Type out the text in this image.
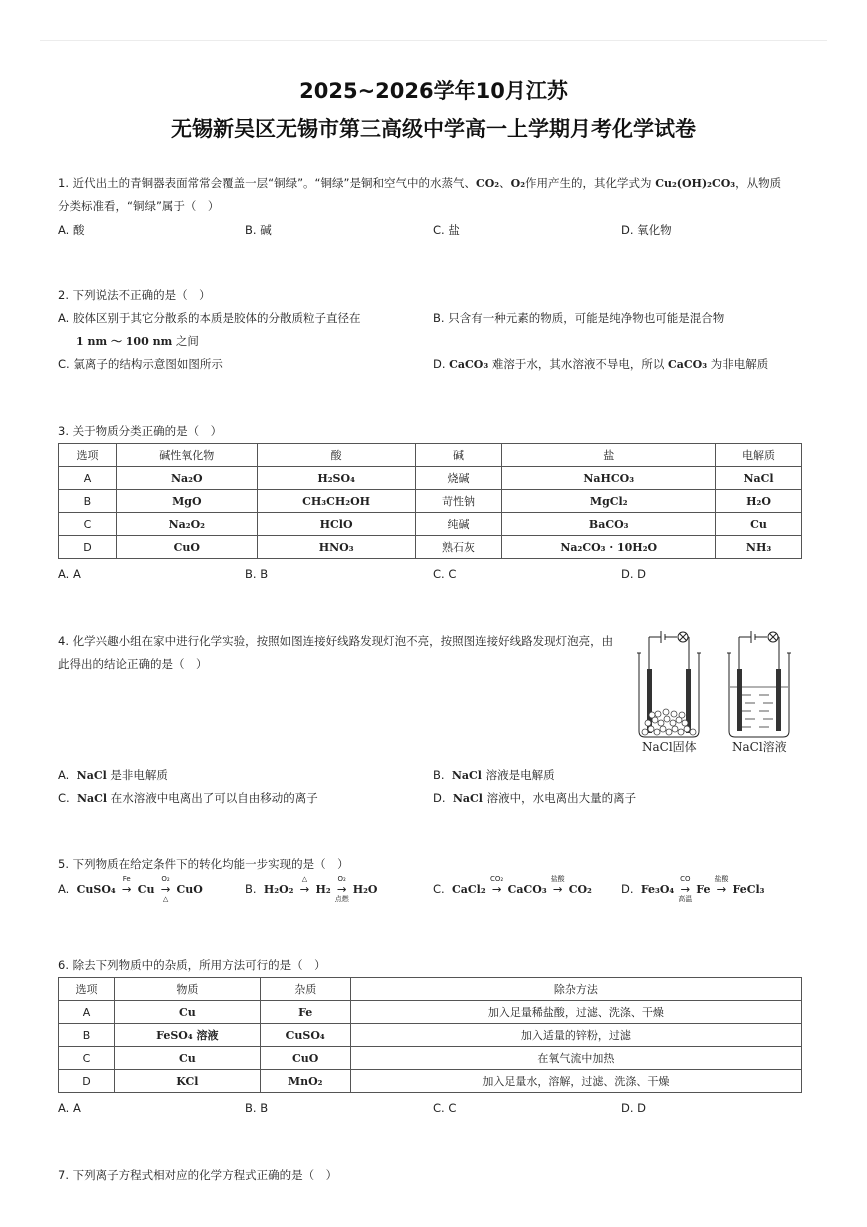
2025~2026学年10月江苏
无锡新吴区无锡市第三高级中学高一上学期月考化学试卷
1. 近代出土的青铜器表面常常会覆盖一层“铜绿”。“铜绿”是铜和空气中的水蒸气、CO₂、O₂作用产生的，其化学式为 Cu₂(OH)₂CO₃，从物质
分类标准看，“铜绿”属于（　）
A. 酸	B. 碱	C. 盐	D. 氧化物
2. 下列说法不正确的是（　）
A. 胶体区别于其它分散系的本质是胶体的分散质粒子直径在
1 nm ～ 100 nm 之间
B. 只含有一种元素的物质，可能是纯净物也可能是混合物
C. 氯离子的结构示意图如图所示	D. CaCO₃ 难溶于水，其水溶液不导电，所以 CaCO₃ 为非电解质
3. 关于物质分类正确的是（　）
选项	碱性氧化物	酸	碱	盐	电解质
A	Na₂O	H₂SO₄	烧碱	NaHCO₃	NaCl
B	MgO	CH₃CH₂OH	苛性钠	MgCl₂	H₂O
C	Na₂O₂	HClO	纯碱	BaCO₃	Cu
D	CuO	HNO₃	熟石灰	Na₂CO₃ · 10H₂O	NH₃
A. A	B. B	C. C	D. D
4. 化学兴趣小组在家中进行化学实验，按照如图连接好线路发现灯泡不亮，按照图连接好线路发现灯泡亮，由
此得出的结论正确的是（　）
NaCl固体	NaCl溶液
A. NaCl 是非电解质	B. NaCl 溶液是电解质
C. NaCl 在水溶液中电离出了可以自由移动的离子	D. NaCl 溶液中，水电离出大量的离子
5. 下列物质在给定条件下的转化均能一步实现的是（　）
A. CuSO₄ →
Fe
Cu →
O₂
△
CuO	B. H₂O₂ →
△
H₂ →
O₂
点燃
H₂O	C. CaCl₂ →
CO₂
CaCO₃ →
盐酸
CO₂	D. Fe₃O₄ →
CO
高温
Fe →
盐酸
FeCl₃
6. 除去下列物质中的杂质，所用方法可行的是（　）
选项	物质	杂质	除杂方法
A	Cu	Fe	加入足量稀盐酸，过滤、洗涤、干燥
B	FeSO₄ 溶液	CuSO₄	加入适量的锌粉，过滤
C	Cu	CuO	在氧气流中加热
D	KCl	MnO₂	加入足量水，溶解，过滤、洗涤、干燥
A. A	B. B	C. C	D. D
7. 下列离子方程式相对应的化学方程式正确的是（　）
